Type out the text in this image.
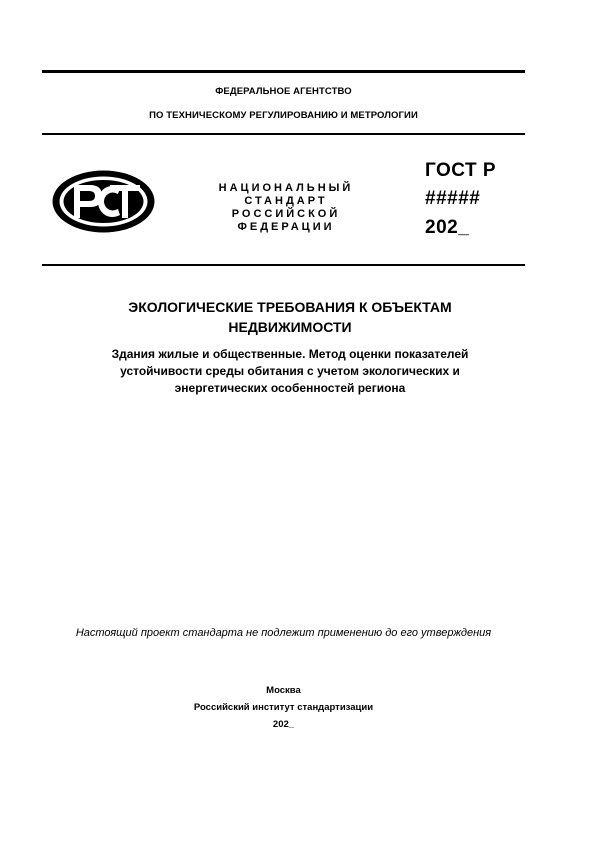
ФЕДЕРАЛЬНОЕ АГЕНТСТВО
ПО ТЕХНИЧЕСКОМУ РЕГУЛИРОВАНИЮ И МЕТРОЛОГИИ
НАЦИОНАЛЬНЫЙ
СТАНДАРТ
РОССИЙСКОЙ
ФЕДЕРАЦИИ
ГОСТ Р
#####
202_
ЭКОЛОГИЧЕСКИЕ ТРЕБОВАНИЯ К ОБЪЕКТАМ
НЕДВИЖИМОСТИ
Здания жилые и общественные. Метод оценки показателей
устойчивости среды обитания с учетом экологических и
энергетических особенностей региона
Настоящий проект стандарта не подлежит применению до его утверждения
Москва
Российский институт стандартизации
202_
